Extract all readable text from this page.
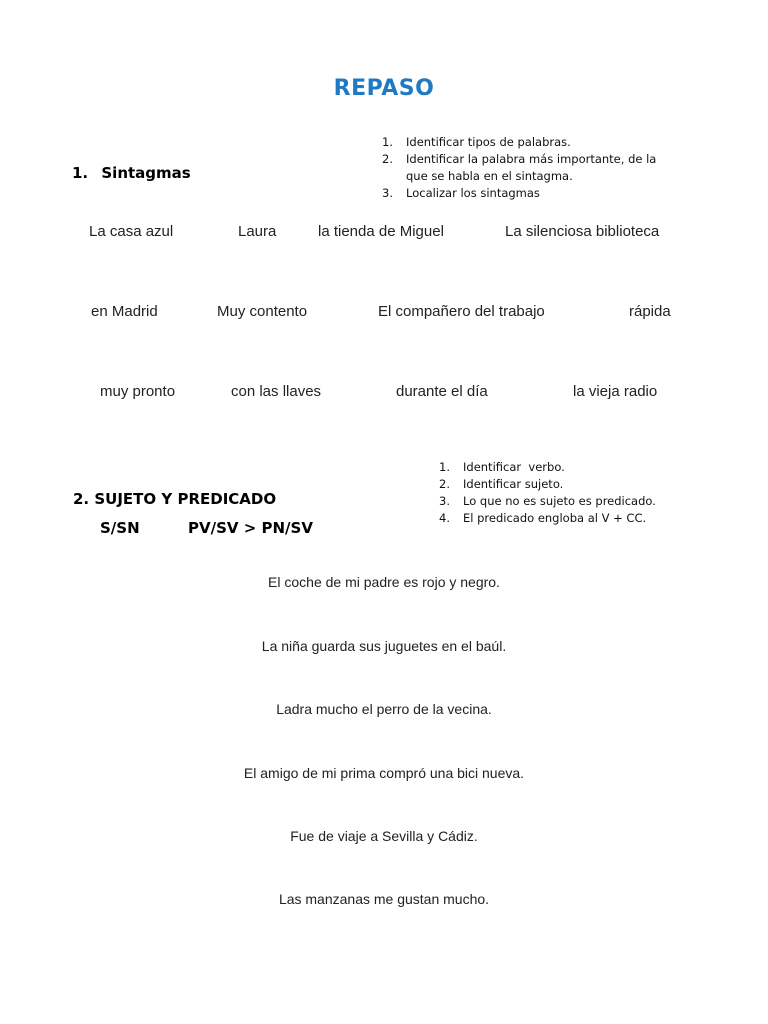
REPASO
1. Identificar tipos de palabras.
2. Identificar la palabra más importante, de la
que se habla en el sintagma.
3. Localizar los sintagmas
1. Sintagmas
La casa azul	Laura	la tienda de Miguel	La silenciosa biblioteca
en Madrid	Muy contento	El compañero del trabajo	rápida
muy pronto	con las llaves	durante el día	la vieja radio
1. Identificar  verbo.
2. Identificar sujeto.
3. Lo que no es sujeto es predicado.
4. El predicado engloba al V + CC.
2. SUJETO Y PREDICADO
S/SN	PV/SV > PN/SV
El coche de mi padre es rojo y negro.
La niña guarda sus juguetes en el baúl.
Ladra mucho el perro de la vecina.
El amigo de mi prima compró una bici nueva.
Fue de viaje a Sevilla y Cádiz.
Las manzanas me gustan mucho.
